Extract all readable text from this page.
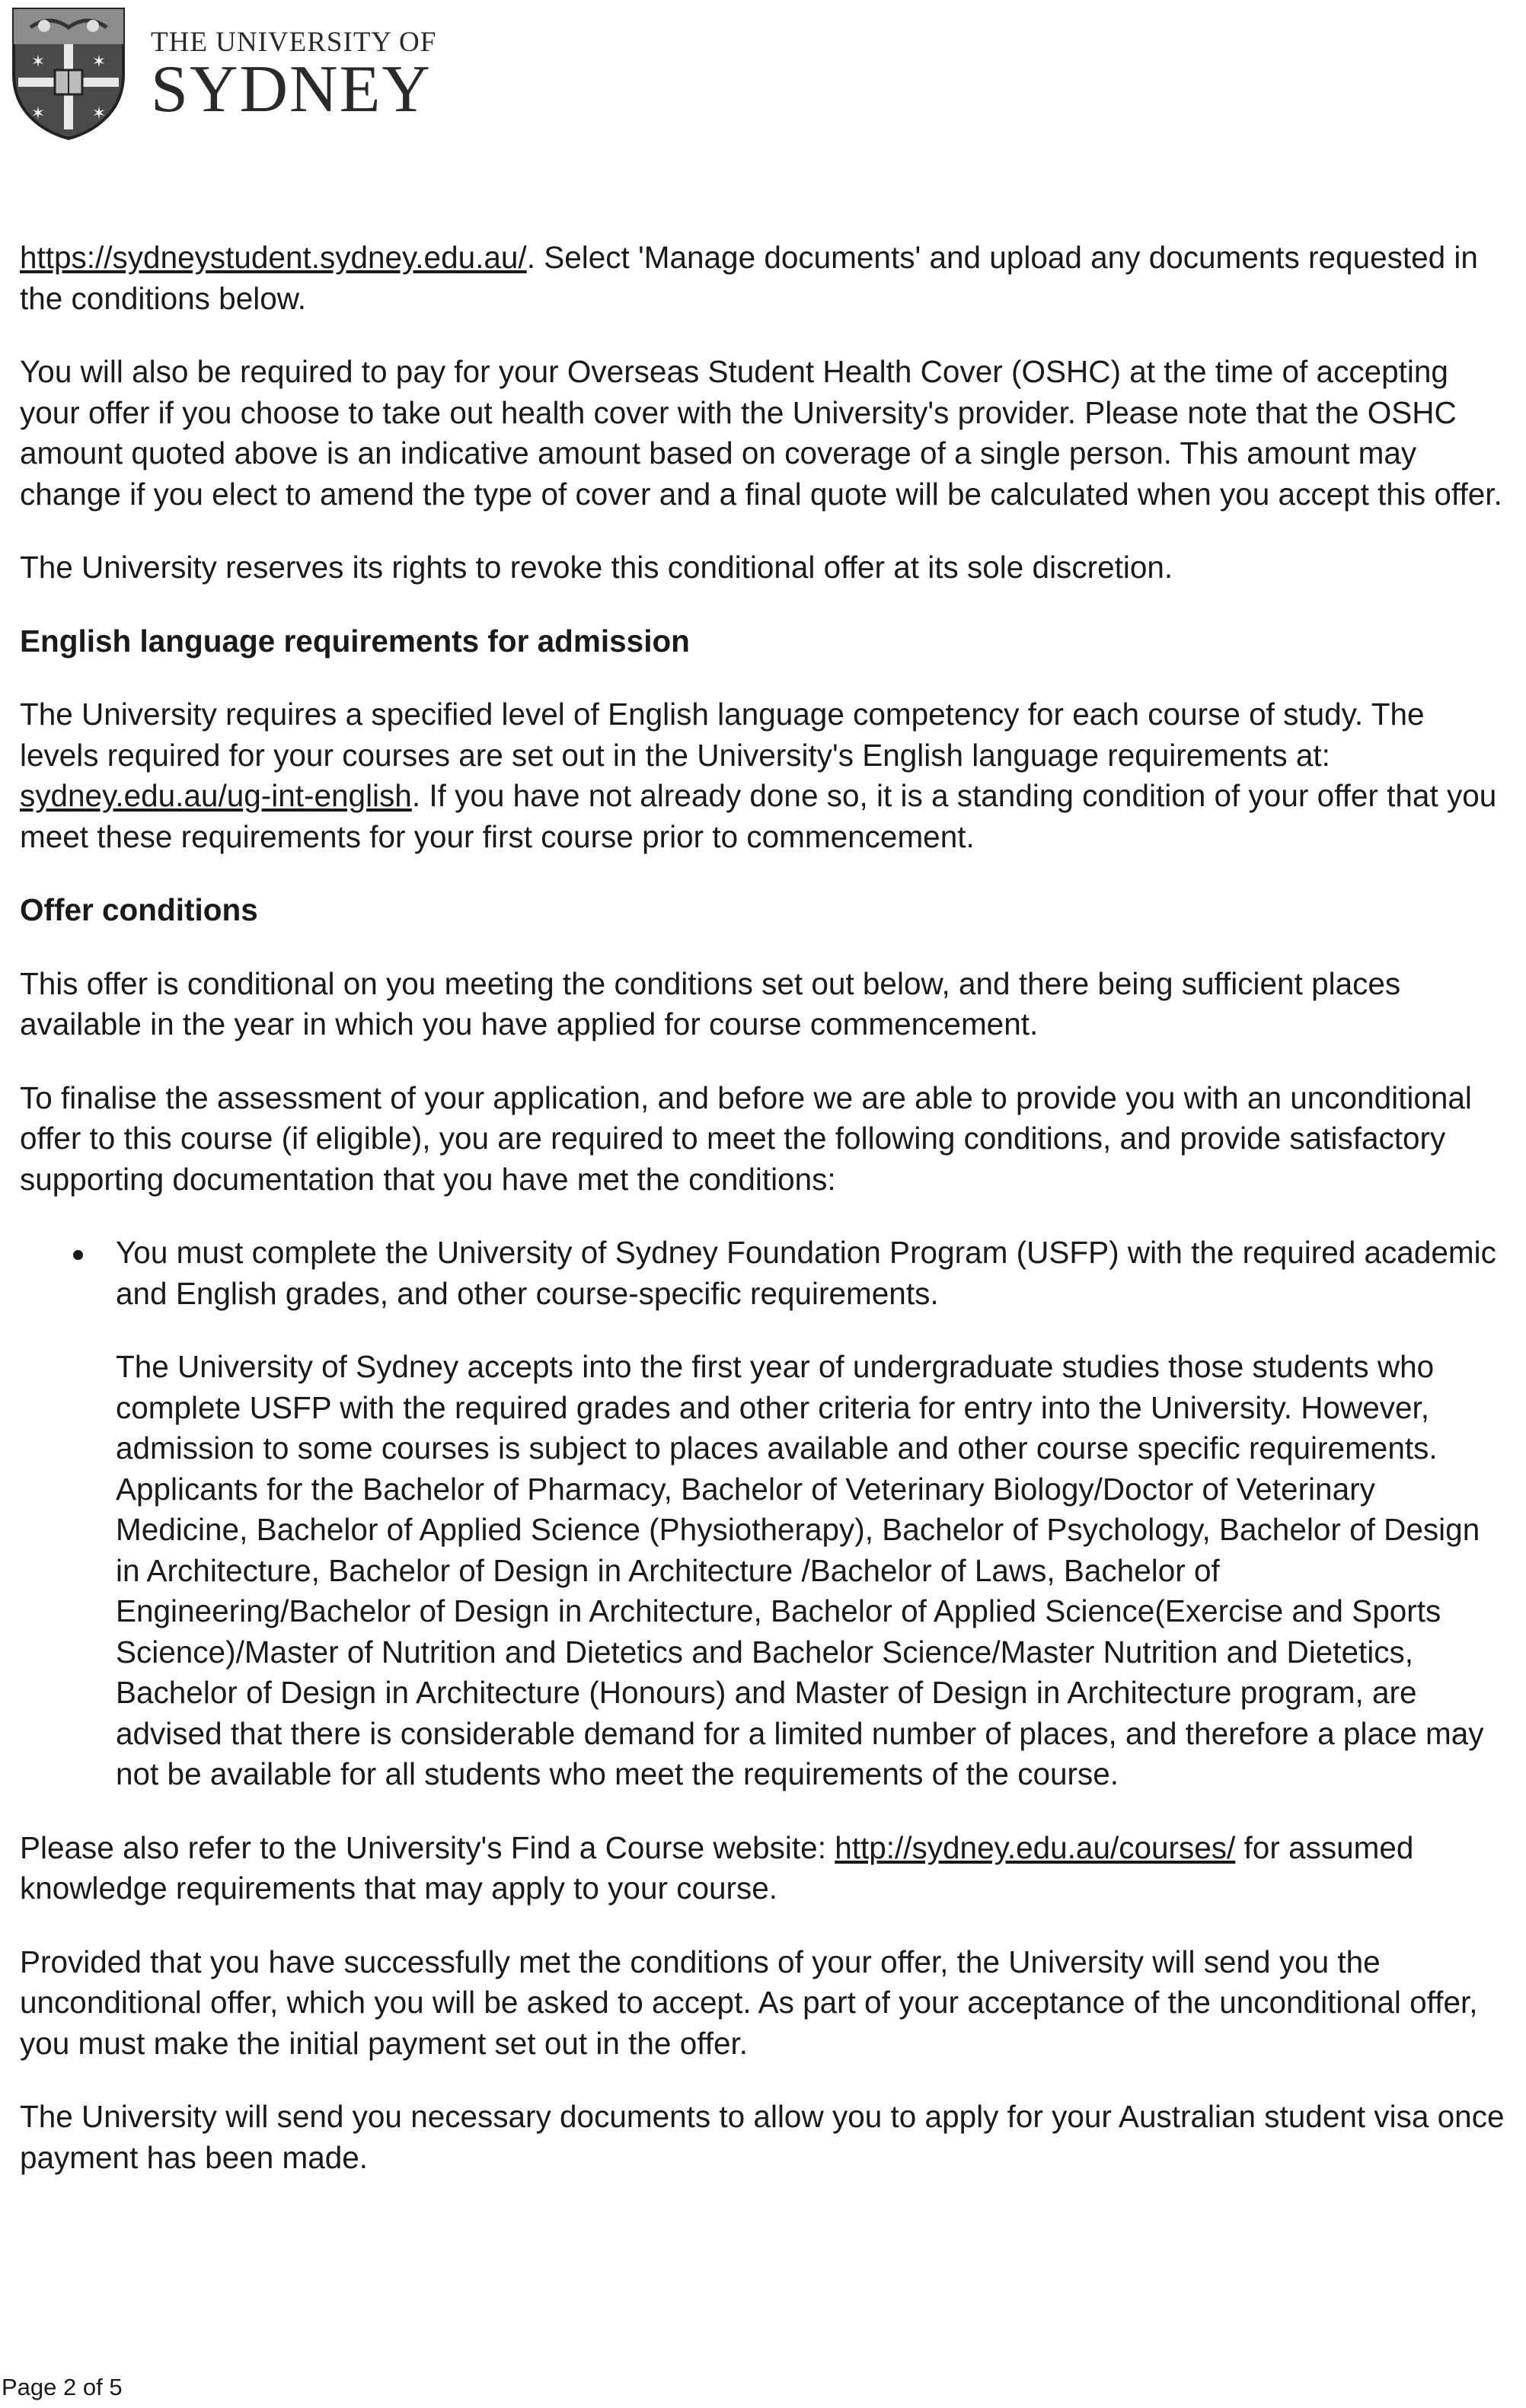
✶	✶
✶	✶
THE UNIVERSITY OF
SYDNEY

https://sydneystudent.sydney.edu.au/. Select 'Manage documents' and upload any documents requested in the conditions below.

You will also be required to pay for your Overseas Student Health Cover (OSHC) at the time of accepting your offer if you choose to take out health cover with the University's provider. Please note that the OSHC amount quoted above is an indicative amount based on coverage of a single person. This amount may change if you elect to amend the type of cover and a final quote will be calculated when you accept this offer.

The University reserves its rights to revoke this conditional offer at its sole discretion.

English language requirements for admission

The University requires a specified level of English language competency for each course of study. The levels required for your courses are set out in the University's English language requirements at: sydney.edu.au/ug-int-english. If you have not already done so, it is a standing condition of your offer that you meet these requirements for your first course prior to commencement.

Offer conditions

This offer is conditional on you meeting the conditions set out below, and there being sufficient places available in the year in which you have applied for course commencement.

To finalise the assessment of your application, and before we are able to provide you with an unconditional offer to this course (if eligible), you are required to meet the following conditions, and provide satisfactory supporting documentation that you have met the conditions:

You must complete the University of Sydney Foundation Program (USFP) with the required academic and English grades, and other course-specific requirements.

The University of Sydney accepts into the first year of undergraduate studies those students who complete USFP with the required grades and other criteria for entry into the University. However, admission to some courses is subject to places available and other course specific requirements. Applicants for the Bachelor of Pharmacy, Bachelor of Veterinary Biology/Doctor of Veterinary Medicine, Bachelor of Applied Science (Physiotherapy), Bachelor of Psychology, Bachelor of Design in Architecture, Bachelor of Design in Architecture /Bachelor of Laws, Bachelor of Engineering/Bachelor of Design in Architecture, Bachelor of Applied Science(Exercise and Sports Science)/Master of Nutrition and Dietetics and Bachelor Science/Master Nutrition and Dietetics, Bachelor of Design in Architecture (Honours) and Master of Design in Architecture program, are advised that there is considerable demand for a limited number of places, and therefore a place may not be available for all students who meet the requirements of the course.

Please also refer to the University's Find a Course website: http://sydney.edu.au/courses/ for assumed knowledge requirements that may apply to your course.

Provided that you have successfully met the conditions of your offer, the University will send you the unconditional offer, which you will be asked to accept. As part of your acceptance of the unconditional offer, you must make the initial payment set out in the offer.

The University will send you necessary documents to allow you to apply for your Australian student visa once payment has been made.

Page 2 of 5
